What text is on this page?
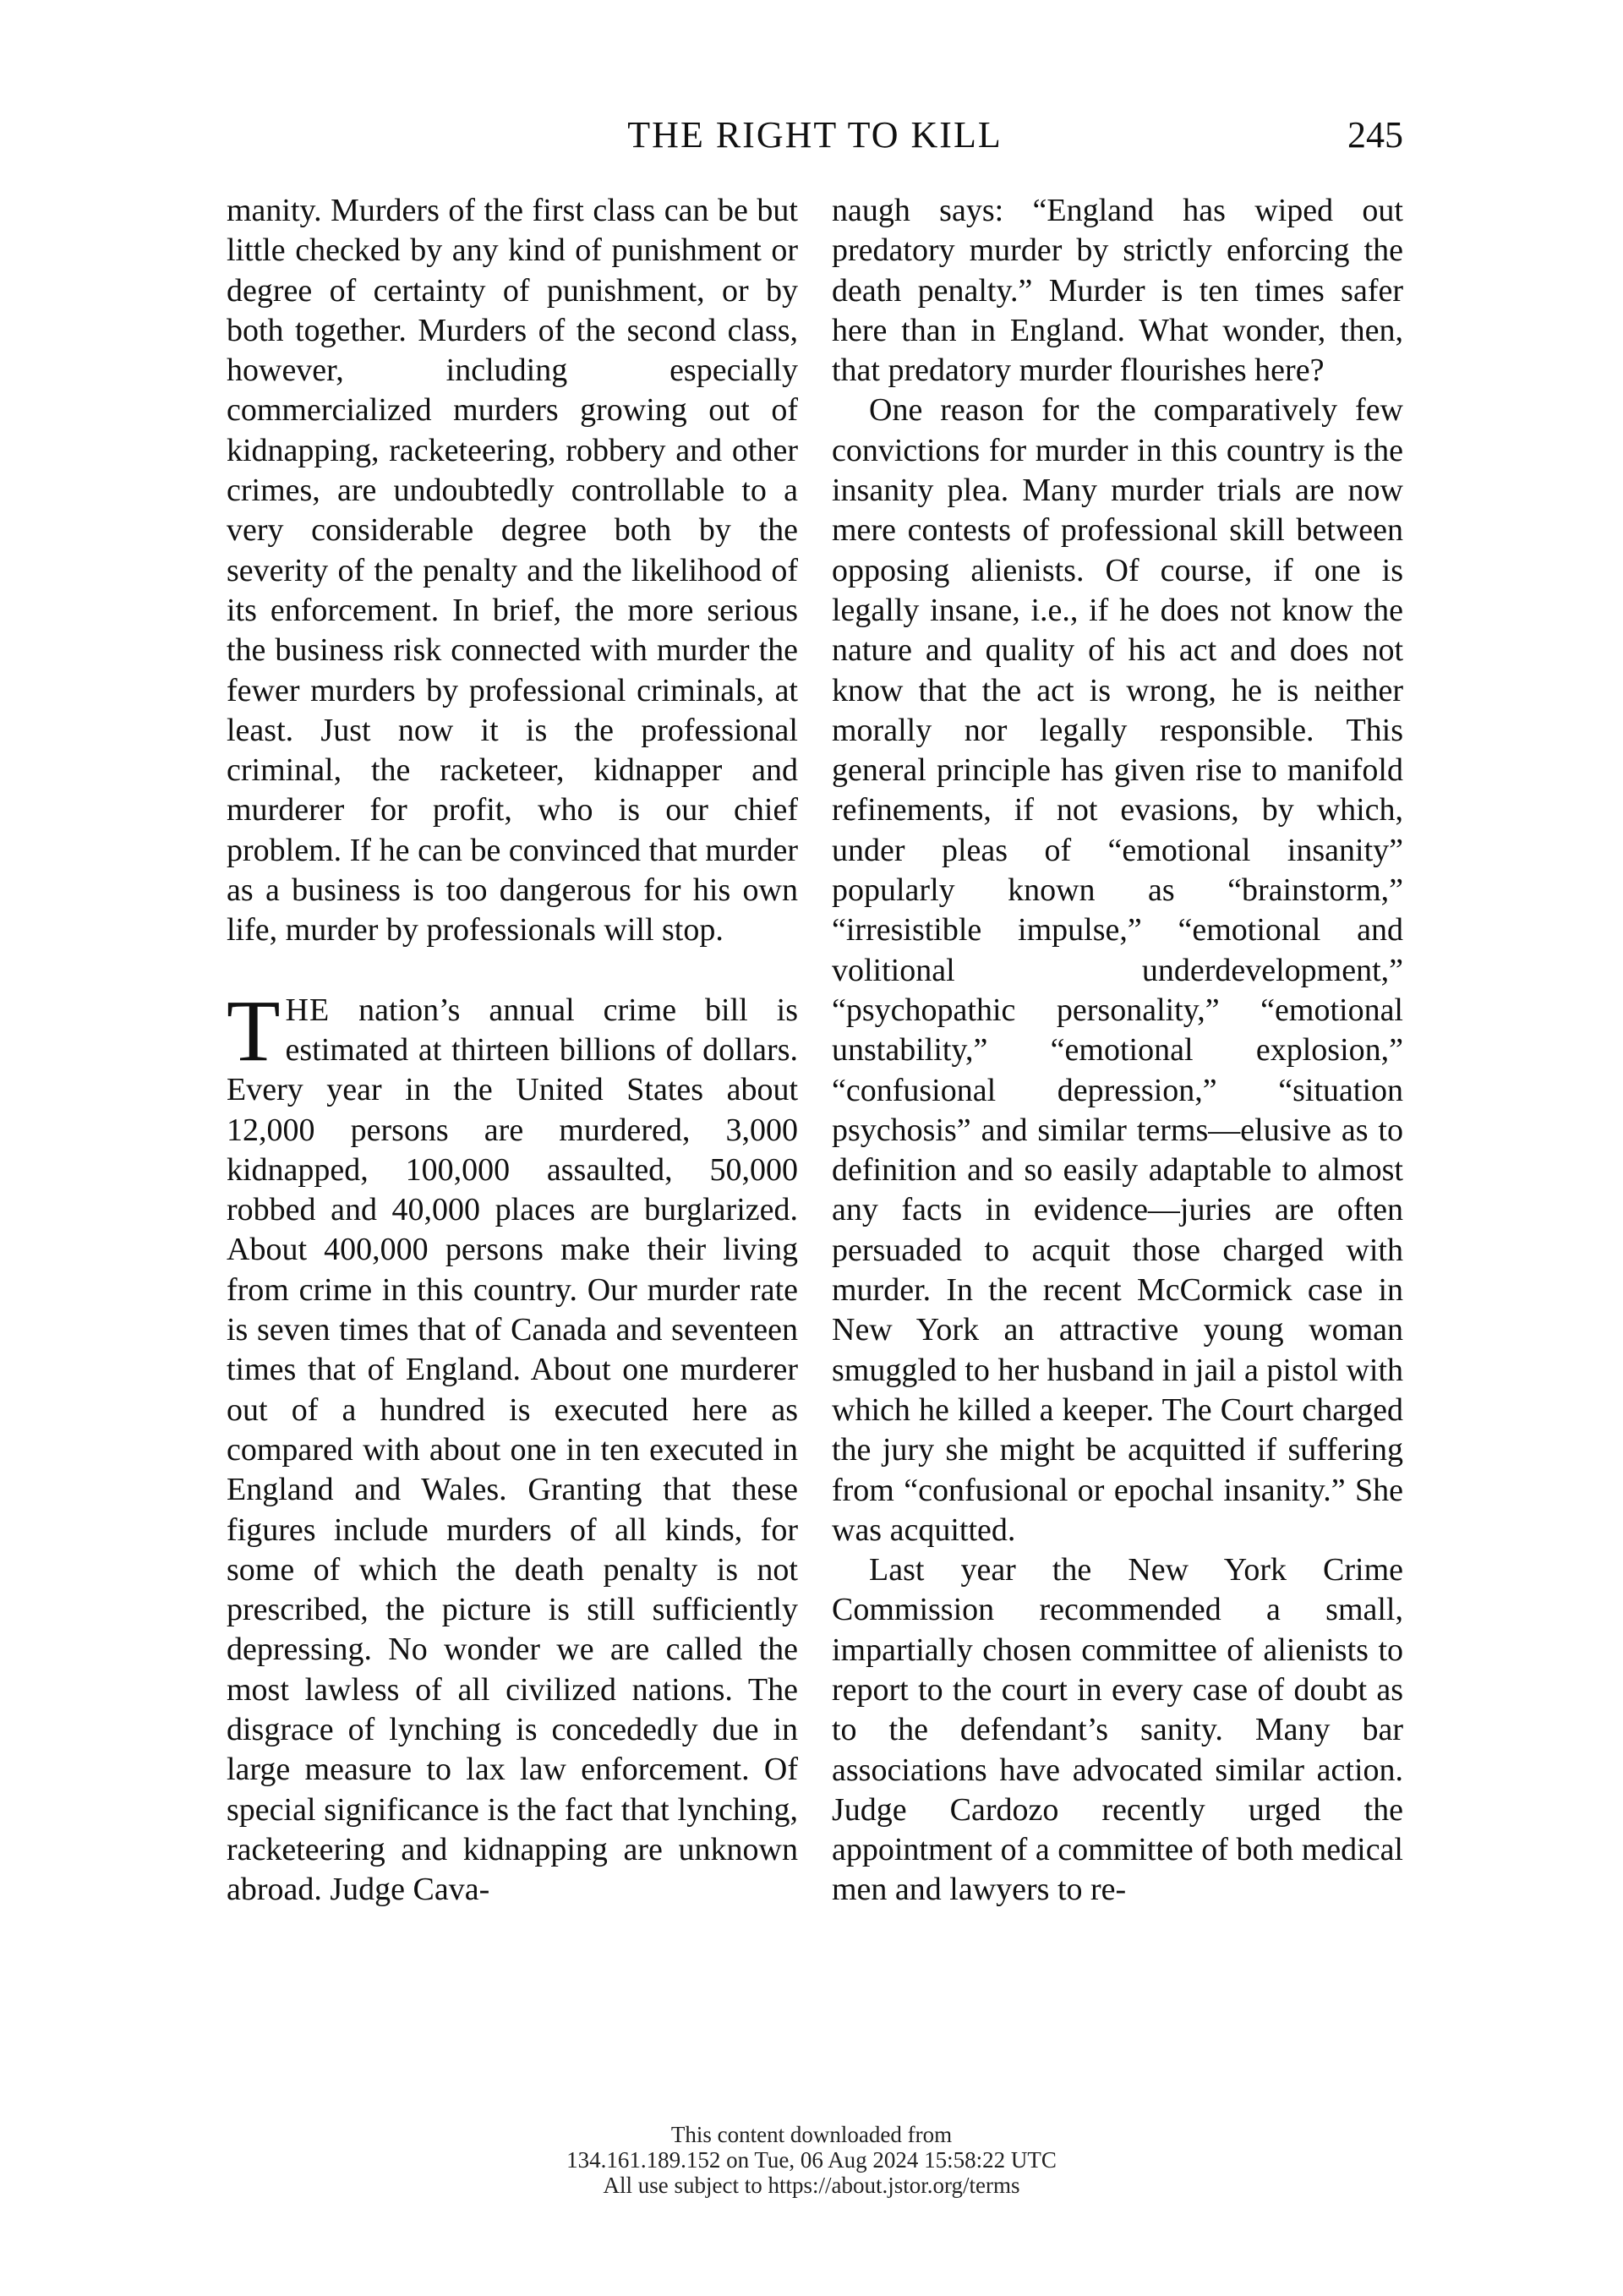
THE RIGHT TO KILL	245

manity. Murders of the first class can be but little checked by any kind of punishment or degree of certainty of punishment, or by both together. Murders of the second class, however, including especially commercialized murders growing out of kidnapping, racketeering, robbery and other crimes, are undoubtedly controllable to a very considerable degree both by the severity of the penalty and the likelihood of its enforcement. In brief, the more serious the business risk connected with murder the fewer murders by professional criminals, at least. Just now it is the professional criminal, the racketeer, kidnapper and murderer for profit, who is our chief problem. If he can be convinced that murder as a business is too dangerous for his own life, murder by professionals will stop.

THE nation’s annual crime bill is estimated at thirteen billions of dollars. Every year in the United States about 12,000 persons are murdered, 3,000 kidnapped, 100,000 assaulted, 50,000 robbed and 40,000 places are burglarized. About 400,000 persons make their living from crime in this country. Our murder rate is seven times that of Canada and seventeen times that of England. About one murderer out of a hundred is executed here as compared with about one in ten executed in England and Wales. Granting that these figures include murders of all kinds, for some of which the death penalty is not prescribed, the picture is still sufficiently depressing. No wonder we are called the most lawless of all civilized nations. The disgrace of lynching is concededly due in large measure to lax law enforcement. Of special significance is the fact that lynching, racketeering and kidnapping are unknown abroad. Judge Cava-

naugh says: “England has wiped out predatory murder by strictly enforcing the death penalty.” Murder is ten times safer here than in England. What wonder, then, that predatory murder flourishes here?

One reason for the comparatively few convictions for murder in this country is the insanity plea. Many murder trials are now mere contests of professional skill between opposing alienists. Of course, if one is legally insane, i.e., if he does not know the nature and quality of his act and does not know that the act is wrong, he is neither morally nor legally responsible. This general principle has given rise to manifold refinements, if not evasions, by which, under pleas of “emotional insanity” popularly known as “brainstorm,” “irresistible impulse,” “emotional and volitional underdevelopment,” “psychopathic personality,” “emotional unstability,” “emotional explosion,” “confusional depression,” “situation psychosis” and similar terms—elusive as to definition and so easily adaptable to almost any facts in evidence—juries are often persuaded to acquit those charged with murder. In the recent McCormick case in New York an attractive young woman smuggled to her husband in jail a pistol with which he killed a keeper. The Court charged the jury she might be acquitted if suffering from “confusional or epochal insanity.” She was acquitted.

Last year the New York Crime Commission recommended a small, impartially chosen committee of alienists to report to the court in every case of doubt as to the defendant’s sanity. Many bar associations have advocated similar action. Judge Cardozo recently urged the appointment of a committee of both medical men and lawyers to re-

This content downloaded from
134.161.189.152 on Tue, 06 Aug 2024 15:58:22 UTC
All use subject to https://about.jstor.org/terms
